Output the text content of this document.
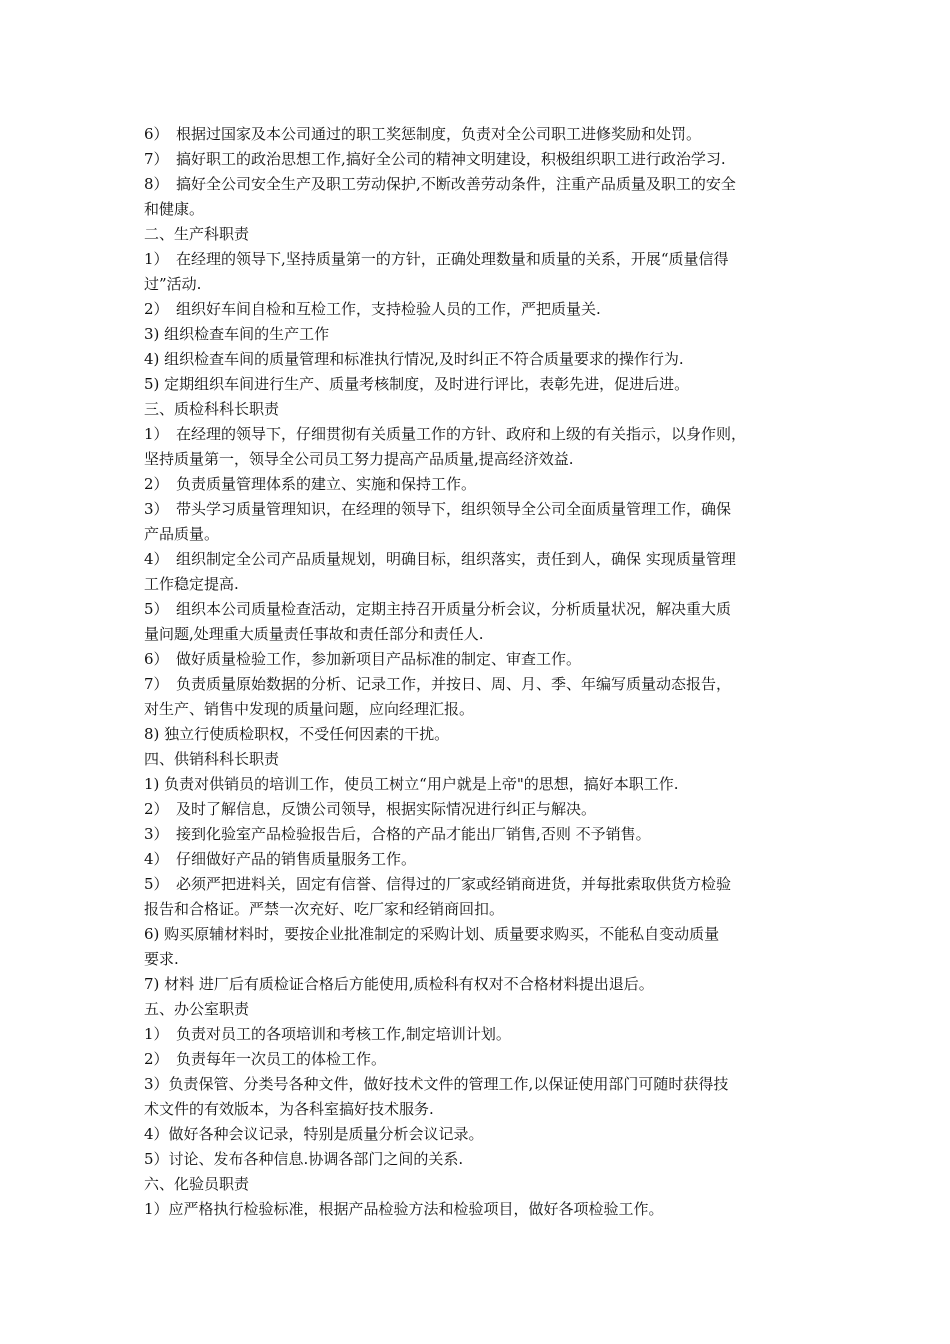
6）　根据过国家及本公司通过的职工奖惩制度，负责对全公司职工进修奖励和处罚。
7）　搞好职工的政治思想工作,搞好全公司的精神文明建设，积极组织职工进行政治学习.
8）　搞好全公司安全生产及职工劳动保护,不断改善劳动条件，注重产品质量及职工的安全
和健康。
二、生产科职责
1）　在经理的领导下,坚持质量第一的方针，正确处理数量和质量的关系，开展“质量信得
过”活动.
2）　组织好车间自检和互检工作，支持检验人员的工作，严把质量关.
3) 组织检查车间的生产工作
4) 组织检查车间的质量管理和标准执行情况,及时纠正不符合质量要求的操作行为.
5) 定期组织车间进行生产、质量考核制度，及时进行评比，表彰先进，促进后进。
三、质检科科长职责
1）　在经理的领导下，仔细贯彻有关质量工作的方针、政府和上级的有关指示，以身作则，
坚持质量第一，领导全公司员工努力提高产品质量,提高经济效益.
2）　负责质量管理体系的建立、实施和保持工作。
3）　带头学习质量管理知识，在经理的领导下，组织领导全公司全面质量管理工作，确保
产品质量。
4）　组织制定全公司产品质量规划，明确目标，组织落实，责任到人，确保 实现质量管理
工作稳定提高.
5）　组织本公司质量检查活动，定期主持召开质量分析会议，分析质量状况，解决重大质
量问题,处理重大质量责任事故和责任部分和责任人.
6）　做好质量检验工作，参加新项目产品标准的制定、审查工作。
7）　负责质量原始数据的分析、记录工作，并按日、周、月、季、年编写质量动态报告，
对生产、销售中发现的质量问题，应向经理汇报。
8) 独立行使质检职权，不受任何因素的干扰。
四、供销科科长职责
1) 负责对供销员的培训工作，使员工树立“用户就是上帝"的思想，搞好本职工作.
2）　及时了解信息，反馈公司领导，根据实际情况进行纠正与解决。
3）　接到化验室产品检验报告后，合格的产品才能出厂销售,否则 不予销售。
4）　仔细做好产品的销售质量服务工作。
5）　必须严把进料关，固定有信誉、信得过的厂家或经销商进货，并每批索取供货方检验
报告和合格证。严禁一次充好、吃厂家和经销商回扣。
6) 购买原辅材料时，要按企业批准制定的采购计划、质量要求购买，不能私自变动质量
要求.
7) 材料 进厂后有质检证合格后方能使用,质检科有权对不合格材料提出退后。
五、办公室职责
1）　负责对员工的各项培训和考核工作,制定培训计划。
2）　负责每年一次员工的体检工作。
3）负责保管、分类号各种文件，做好技术文件的管理工作,以保证使用部门可随时获得技
术文件的有效版本，为各科室搞好技术服务.
4）做好各种会议记录，特别是质量分析会议记录。
5）讨论、发布各种信息.协调各部门之间的关系.
六、化验员职责
1）应严格执行检验标准，根据产品检验方法和检验项目，做好各项检验工作。
